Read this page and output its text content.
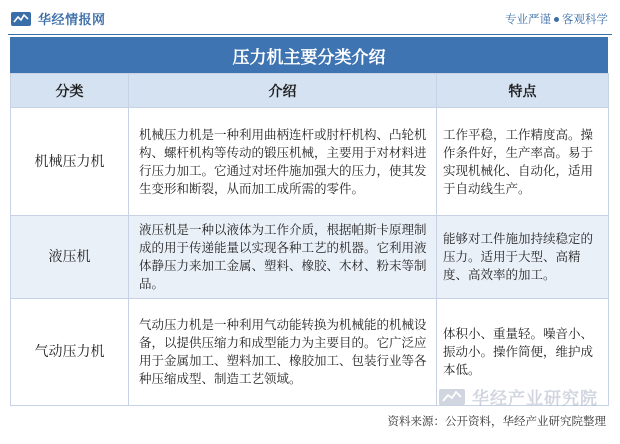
华经情报网	专业严谨 客观科学
压力机主要分类介绍
分类	介绍	特点
机械压力机	机械压力机是一种利用曲柄连杆或肘杆机构、凸轮机构、螺杆机构等传动的锻压机械，主要用于对材料进行压力加工。它通过对坯件施加强大的压力，使其发生变形和断裂，从而加工成所需的零件。	工作平稳，工作精度高。操作条件好，生产率高。易于实现机械化、自动化，适用于自动线生产。
液压机	液压机是一种以液体为工作介质，根据帕斯卡原理制成的用于传递能量以实现各种工艺的机器。它利用液体静压力来加工金属、塑料、橡胶、木材、粉末等制品。	能够对工件施加持续稳定的压力。适用于大型、高精度、高效率的加工。
气动压力机	气动压力机是一种利用气动能转换为机械能的机械设备，以提供压缩力和成型能力为主要目的。它广泛应用于金属加工、塑料加工、橡胶加工、包装行业等各种压缩成型、制造工艺领域。	体积小、重量轻。噪音小、振动小。操作简便，维护成本低。
华经产业研究院
资料来源：公开资料，华经产业研究院整理
